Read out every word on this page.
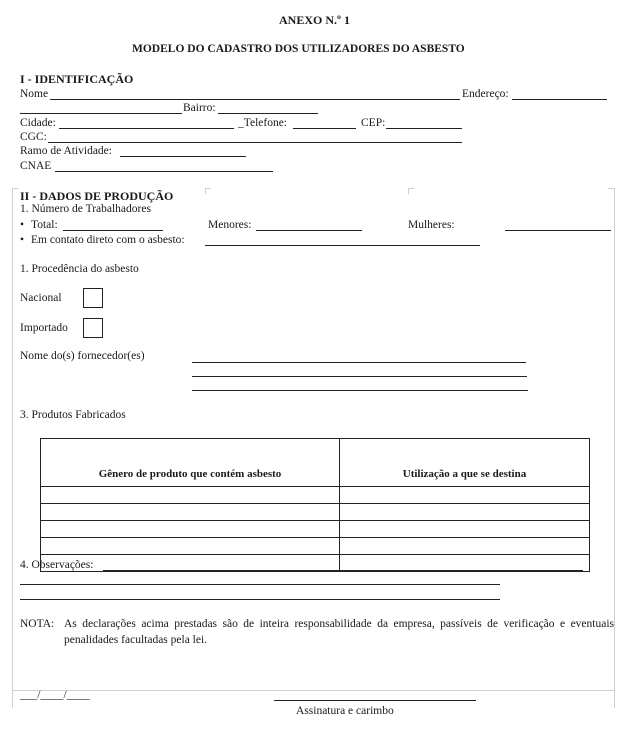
ANEXO N.º 1
MODELO DO CADASTRO DOS UTILIZADORES DO ASBESTO
I - IDENTIFICAÇÃO
Nome	Endereço:
Bairro:
Cidade:	_Telefone:	CEP:
CGC:
Ramo de Atividade:
CNAE
II - DADOS DE PRODUÇÃO
1. Número de Trabalhadores
• Total:	Menores:	Mulheres:
• Em contato direto com o asbesto:
1. Procedência do asbesto
Nacional
Importado
Nome do(s) fornecedor(es)
3. Produtos Fabricados
Gênero de produto que contém asbesto	Utilização a que se destina

4. Observações:
NOTA: As declarações acima prestadas são de inteira responsabilidade da empresa, passíveis de verificação e eventuais penalidades facultadas pela lei.
___/____/____
Assinatura e carimbo
